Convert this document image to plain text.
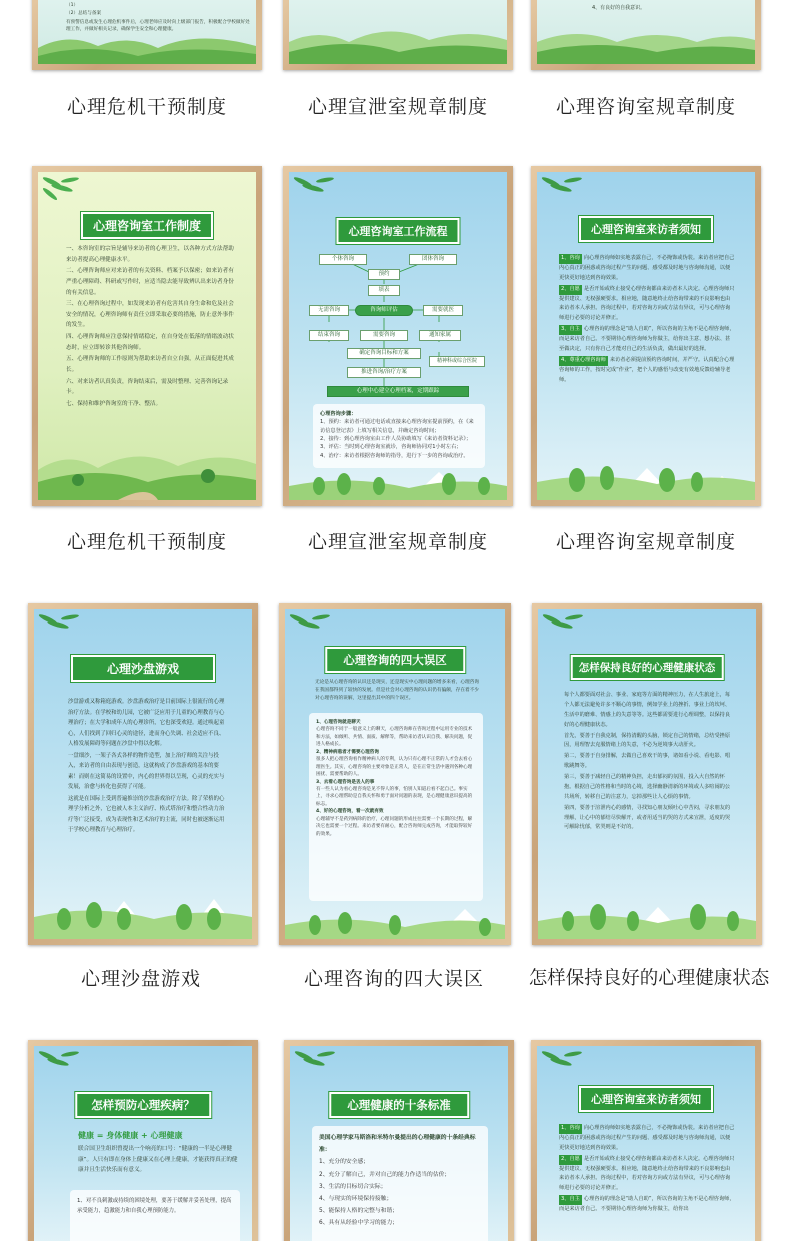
（1）

（2）总结与备案

有预警信息或发生心理危机事件后，心理老师应及时向上级部门报告，积极配合学校做好处理工作，并做好相关记录，确保学生安全和心理健康。

4、有良好的自我意识。

心理危机干预制度	心理宣泄室规章制度	心理咨询室规章制度
心理咨询室工作制度

一、本咨询室的宗旨是辅导来访者的心理卫生，以各种方式方法帮助来访者提高心理健康水平。

二、心理咨询师应对来访者的有关资料、档案予以保密；如来访者有严重心理障碍、科研或写作时，应适当隐去能导致辨认出来访者身份的有关信息。

三、在心理咨询过程中，如发现来访者有危害其自身生命和危及社会安全的情况，心理咨询师有责任立即采取必要的措施，防止意外事件的发生。

四、心理咨询师应注意保持情绪稳定，在自身处在低落的情绪波动状态时，应立即转诊其他咨询师。

五、心理咨询师的工作原则为帮助来访者自立自强，从正面促进其成长。

六、对来访者认真负责，咨询结束后，需及时整理、完善咨询记录卡。

七、保持和维护咨询室的干净、整洁。

心理咨询室工作流程
个体咨询	团体咨询
预约
填表
咨询师评估
无需咨询	需要就医
结束咨询	需要咨询	通知家属
确定咨询目标和方案
精神科或综合医院
推进咨询/治疗方案
心理中心建立心理档案，定期跟踪
心理咨询步骤：
1、预约：来访者可通过电话或直接来心理咨询室提前预约，在《来访信息登记表》上填写相关信息，并确定咨询时间；
2、接待：到心理咨询室由工作人员协助填写《来访者资料记录》；
3、评估：当时到心理咨询室就诊，咨询师协同对1小时左右；
4、治疗：来访者根据咨询师的指导，进行下一步的咨询或治疗。
心理咨询室来访者须知

1、咨询 向心理咨询师如实地表露自己，不必掩饰或伪装。来访者应把自己内心真正的困惑或咨询过程产生的问题、感受都及时地与咨询师沟通，以便更快更好地达到咨询效果。

2、自愿 是否开始或终止接受心理咨询都由来访者本人决定。心理咨询师只提供建议、无权强硬要求。相应地，随意地终止给咨询带来的不良影响也由来访者本人承担。咨询过程中，若对咨询方向或方法有异议，可与心理咨询师进行必要的讨论并修正。

3、自主 心理咨询的理念是“助人自助”，所以咨询的主角不是心理咨询师，而是来访者自己。不要期待心理咨询师为你做主，给你出主意、想办法、甚至做决定，只有你自己才能对自己的生活负责，做出最好的选择。

4、尊重心理咨询师 来访者必须提前预约咨询时间，并严守。认真配合心理咨询师的工作，按时完成“作业”，把个人的感悟与改变有效地反馈给辅导老师。

心理危机干预制度	心理宣泄室规章制度	心理咨询室规章制度
心理沙盘游戏

沙盘游戏又称箱庭游戏。沙盘游戏治疗是目前国际上很流行的心理治疗方法。在学校和幼儿园，它被广泛应用于儿童的心理教育与心理治疗；在大学和成年人的心理诊所，它也深受欢迎。通过唤起童心，人们找到了回归心灵的途径，进而身心失调、社会适应不良、人格发展障碍等问题在沙盘中得以化解。

一盘细沙，一架子各式各样的物件造型，加上治疗师的关注与投入，来访者的自由表现与创造，这就构成了沙盘游戏的基本的要素！而则在这简易的设置中，内心的世界得以呈现，心灵的充实与发展，治愈与转化也获得了可能。

这就是在国际上受到普遍推崇的沙盘游戏治疗方法。除了荣格的心理学分析之外，它也被人本主义治疗、格式塔治疗和整合性动力治疗等广泛接受，成为表现性和艺术治疗的主流，同时也被逐渐运用于学校心理教育与心理治疗。

心理咨询的四大误区

无论是从心理咨询的认识还是现实，还是现实中心理问题的增多来看，心理咨询在我国都得到了较快的发展。但是社会对心理咨询的认识仍有偏颇，存在着不少对心理咨询的误解，这里提出其中的四个误区。

1、心理咨询就是聊天
心理咨询不同于一般意义上的聊天，心理咨询师在咨询过程中运用专业的技术和方法，如倾听、共情、面质、解释等，帮助来访者认识自我、解决问题，促进人格成长。
2、精神病患者才需要心理咨询
很多人把心理咨询看作精神病人的专利，认为只有心理不正常的人才会去看心理医生。其实，心理咨询的主要对象是正常人，是在正常生活中遇到各种心理困扰、需要帮助的人。
3、去看心理咨询是丢人的事
有一些人认为看心理咨询是见不得人的事，怕别人知道后看不起自己。事实上，寻求心理帮助是自我关怀和勇于面对问题的表现，是心理健康意识提高的标志。
4、好的心理咨询，看一次就有效
心理辅导不是药到病除的治疗，心理问题的形成往往需要一个长期的过程，解决它也需要一个过程。来访者要有耐心，配合咨询师完成咨询，才能取得较好的效果。
怎样保持良好的心理健康状态

每个人都要面对社会、事业、家庭等方面的精神压力，在人生旅途上，每个人都无法避免许多不顺心的事情，例如学业上的挫折、事业上的坎坷、生活中的磨难、情感上的失意等等。这些都需要进行心理调整，以保持良好的心理健康状态。

首先，要善于自我克制，保持清醒的头脑，锁定自己的情绪，总结受挫原因，用理智去克服情绪上的失意，不必为逆境事大动肝火。

第二，要善于自身排解，去做自己喜欢干的事，诸如看小说、看电影、唱歌跳舞等。

第三，要善于减轻自己的精神负担，走出郁闷的氛围，投入大自然的怀抱。根据自己的性格和当时的心境，选择幽静清新的环境或人多喧闹的公共场所，转移自己的注意力，忘掉那些让人心烦的事情。

第四，要善于渲泄内心的感情，寻找知心朋友倾吐心中苦闷，寻求朋友的理解，让心中的郁结尽快解开，或者用适当的哭的方式来宣泄，适度的哭可解除忧郁，常哭则是不好的。

心理沙盘游戏	心理咨询的四大误区	怎样保持良好的心理健康状态
怎样预防心理疾病？
健康 = 身体健康 + 心理健康

联合国卫生组织曾提出一个响亮的口号：“健康的一半是心理健康”。人只有即在身体上健康又在心理上健康，才能获得真正的健康并且生活快乐而有意义。

1、对不良刺激或持续的困境处理，要善于缓解并妥善处理，提高承受能力，趋激能力和自我心理预防能力。
心理健康的十条标准
美国心理学家马斯洛和米特尔曼提出的心理健康的十条经典标准：
1、充分的安全感；
2、充分了解自己，并对自己的能力作适当的估价；
3、生活的目标切合实际；
4、与现实的环境保持接触；
5、能保持人格的完整与和谐；
6、具有从经验中学习的能力；
心理咨询室来访者须知

1、咨询 向心理咨询师如实地表露自己，不必掩饰或伪装。来访者应把自己内心真正的困惑或咨询过程产生的问题、感受都及时地与咨询师沟通，以便更快更好地达到咨询效果。

2、自愿 是否开始或终止接受心理咨询都由来访者本人决定。心理咨询师只提供建议、无权强硬要求。相应地，随意地终止给咨询带来的不良影响也由来访者本人承担。咨询过程中，若对咨询方向或方法有异议，可与心理咨询师进行必要的讨论并修正。

3、自主 心理咨询的理念是“助人自助”，所以咨询的主角不是心理咨询师，而是来访者自己。不要期待心理咨询师为你做主，给你出
